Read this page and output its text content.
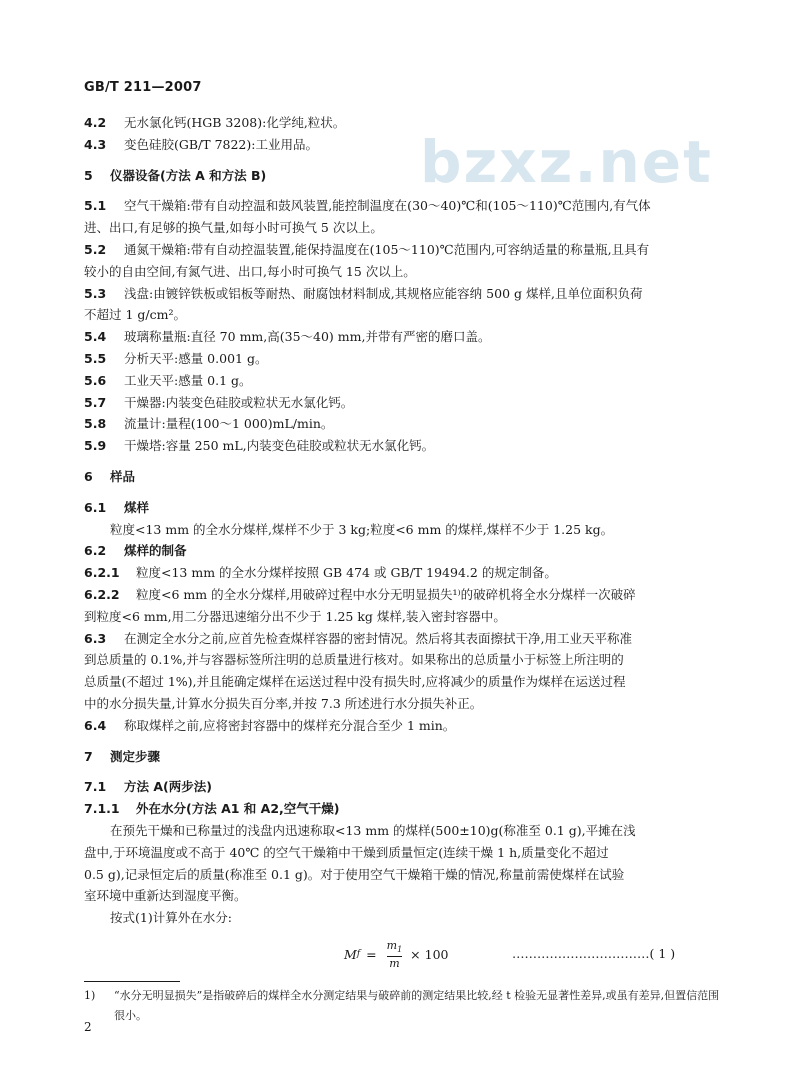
GB/T 211—2007
bzxz.net
4.2 无水氯化钙(HGB 3208):化学纯,粒状。
4.3 变色硅胶(GB/T 7822):工业用品。
5 仪器设备(方法 A 和方法 B)
5.1 空气干燥箱:带有自动控温和鼓风装置,能控制温度在(30～40)℃和(105～110)℃范围内,有气体
进、出口,有足够的换气量,如每小时可换气 5 次以上。
5.2 通氮干燥箱:带有自动控温装置,能保持温度在(105～110)℃范围内,可容纳适量的称量瓶,且具有
较小的自由空间,有氮气进、出口,每小时可换气 15 次以上。
5.3 浅盘:由镀锌铁板或铝板等耐热、耐腐蚀材料制成,其规格应能容纳 500 g 煤样,且单位面积负荷
不超过 1 g/cm²。
5.4 玻璃称量瓶:直径 70 mm,高(35～40) mm,并带有严密的磨口盖。
5.5 分析天平:感量 0.001 g。
5.6 工业天平:感量 0.1 g。
5.7 干燥器:内装变色硅胶或粒状无水氯化钙。
5.8 流量计:量程(100～1 000)mL/min。
5.9 干燥塔:容量 250 mL,内装变色硅胶或粒状无水氯化钙。
6 样品
6.1 煤样
粒度<13 mm 的全水分煤样,煤样不少于 3 kg;粒度<6 mm 的煤样,煤样不少于 1.25 kg。
6.2 煤样的制备
6.2.1 粒度<13 mm 的全水分煤样按照 GB 474 或 GB/T 19494.2 的规定制备。
6.2.2 粒度<6 mm 的全水分煤样,用破碎过程中水分无明显损失¹⁾的破碎机将全水分煤样一次破碎
到粒度<6 mm,用二分器迅速缩分出不少于 1.25 kg 煤样,装入密封容器中。
6.3 在测定全水分之前,应首先检查煤样容器的密封情况。然后将其表面擦拭干净,用工业天平称准
到总质量的 0.1%,并与容器标签所注明的总质量进行核对。如果称出的总质量小于标签上所注明的
总质量(不超过 1%),并且能确定煤样在运送过程中没有损失时,应将减少的质量作为煤样在运送过程
中的水分损失量,计算水分损失百分率,并按 7.3 所述进行水分损失补正。
6.4 称取煤样之前,应将密封容器中的煤样充分混合至少 1 min。
7 测定步骤
7.1 方法 A(两步法)
7.1.1 外在水分(方法 A1 和 A2,空气干燥)
在预先干燥和已称量过的浅盘内迅速称取<13 mm 的煤样(500±10)g(称准至 0.1 g),平摊在浅
盘中,于环境温度或不高于 40℃ 的空气干燥箱中干燥到质量恒定(连续干燥 1 h,质量变化不超过
0.5 g),记录恒定后的质量(称准至 0.1 g)。对于使用空气干燥箱干燥的情况,称量前需使煤样在试验
室环境中重新达到湿度平衡。
按式(1)计算外在水分:
M $f = \frac{m_1}{m} \times 100$	……………………………( 1 )
1) “水分无明显损失”是指破碎后的煤样全水分测定结果与破碎前的测定结果比较,经 t 检验无显著性差异,或虽有差异,但置信范围很小。
2
